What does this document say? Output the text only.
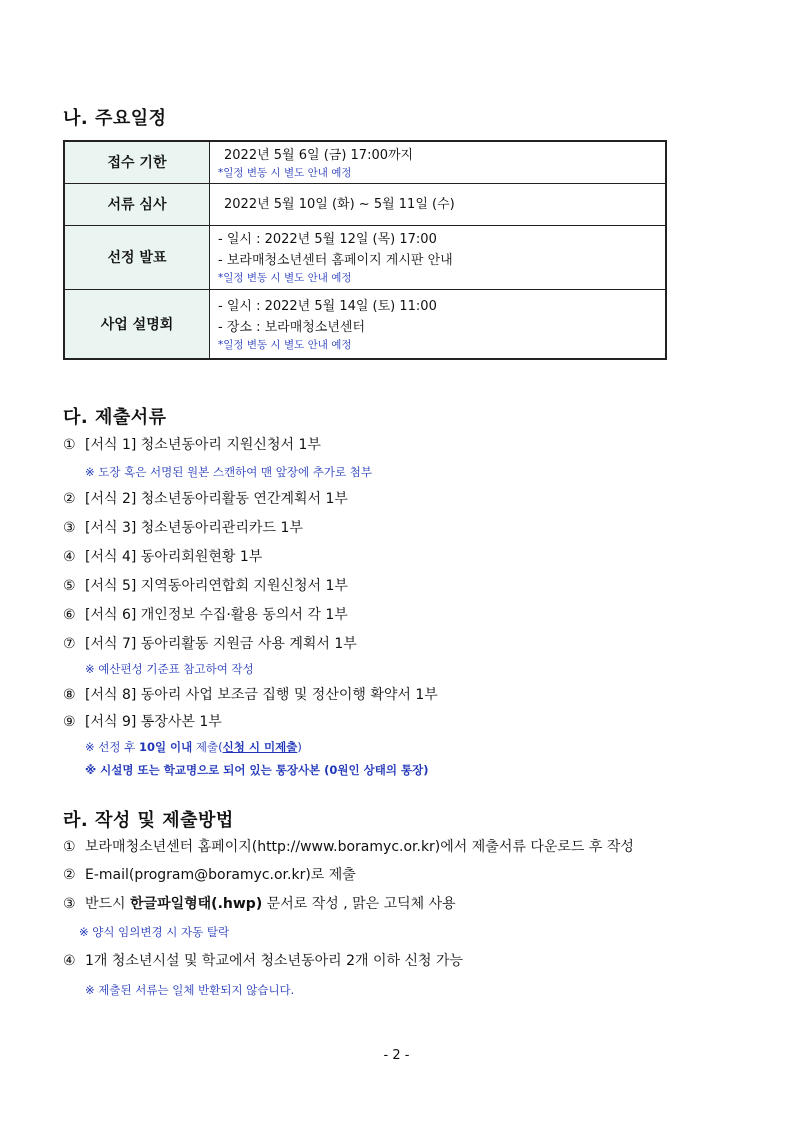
나. 주요일정
접수 기한	2022년 5월 6일 (금) 17:00까지
*일정 변동 시 별도 안내 예정

서류 심사	2022년 5월 10일 (화) ~ 5월 11일 (수)

선정 발표	- 일시 : 2022년 5월 12일 (목) 17:00
- 보라매청소년센터 홈페이지 게시판 안내
*일정 변동 시 별도 안내 예정

사업 설명회	- 일시 : 2022년 5월 14일 (토) 11:00
- 장소 : 보라매청소년센터
*일정 변동 시 별도 안내 예정
다. 제출서류
① [서식 1] 청소년동아리 지원신청서 1부
※ 도장 혹은 서명된 원본 스캔하여 맨 앞장에 추가로 첨부
② [서식 2] 청소년동아리활동 연간계획서 1부
③ [서식 3] 청소년동아리관리카드 1부
④ [서식 4] 동아리회원현황 1부
⑤ [서식 5] 지역동아리연합회 지원신청서 1부
⑥ [서식 6] 개인정보 수집·활용 동의서 각 1부
⑦ [서식 7] 동아리활동 지원금 사용 계획서 1부
※ 예산편성 기준표 참고하여 작성
⑧ [서식 8] 동아리 사업 보조금 집행 및 정산이행 확약서 1부
⑨ [서식 9] 통장사본 1부
※ 선정 후 10일 이내 제출(신청 시 미제출)
※ 시설명 또는 학교명으로 되어 있는 통장사본 (0원인 상태의 통장)
라. 작성 및 제출방법
① 보라매청소년센터 홈페이지(http://www.boramyc.or.kr)에서 제출서류 다운로드 후 작성
② E-mail(program@boramyc.or.kr)로 제출
③ 반드시 한글파일형태(.hwp) 문서로 작성 , 맑은 고딕체 사용
※ 양식 임의변경 시 자동 탈락
④ 1개 청소년시설 및 학교에서 청소년동아리 2개 이하 신청 가능
※ 제출된 서류는 일체 반환되지 않습니다.
- 2 -
